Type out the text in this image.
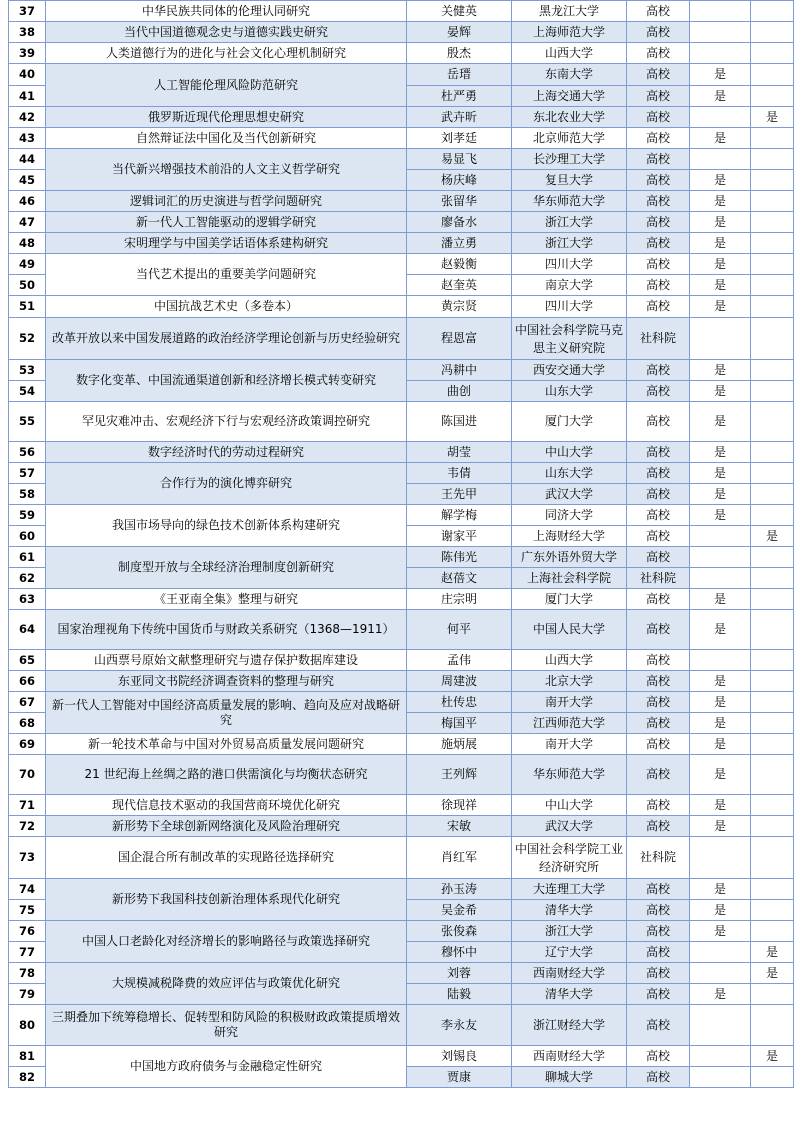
37	中华民族共同体的伦理认同研究	关健英	黑龙江大学	高校		
38	当代中国道德观念史与道德实践史研究	晏辉	上海师范大学	高校		
39	人类道德行为的进化与社会文化心理机制研究	殷杰	山西大学	高校		
40	人工智能伦理风险防范研究	岳瑨	东南大学	高校	是	
41		杜严勇	上海交通大学	高校	是	
42	俄罗斯近现代伦理思想史研究	武卉昕	东北农业大学	高校		是
43	自然辩证法中国化及当代创新研究	刘孝廷	北京师范大学	高校	是	
44	当代新兴增强技术前沿的人文主义哲学研究	易显飞	长沙理工大学	高校		
45		杨庆峰	复旦大学	高校	是	
46	逻辑词汇的历史演进与哲学问题研究	张留华	华东师范大学	高校	是	
47	新一代人工智能驱动的逻辑学研究	廖备水	浙江大学	高校	是	
48	宋明理学与中国美学话语体系建构研究	潘立勇	浙江大学	高校	是	
49	当代艺术提出的重要美学问题研究	赵毅衡	四川大学	高校	是	
50		赵奎英	南京大学	高校	是	
51	中国抗战艺术史（多卷本）	黄宗贤	四川大学	高校	是	
52	改革开放以来中国发展道路的政治经济学理论创新与历史经验研究	程恩富	中国社会科学院马克思主义研究院	社科院		
53	数字化变革、中国流通渠道创新和经济增长模式转变研究	冯耕中	西安交通大学	高校	是	
54		曲创	山东大学	高校	是	
55	罕见灾难冲击、宏观经济下行与宏观经济政策调控研究	陈国进	厦门大学	高校	是	
56	数字经济时代的劳动过程研究	胡莹	中山大学	高校	是	
57	合作行为的演化博弈研究	韦倩	山东大学	高校	是	
58		王先甲	武汉大学	高校	是	
59	我国市场导向的绿色技术创新体系构建研究	解学梅	同济大学	高校	是	
60		谢家平	上海财经大学	高校		是
61	制度型开放与全球经济治理制度创新研究	陈伟光	广东外语外贸大学	高校		
62		赵蓓文	上海社会科学院	社科院		
63	《王亚南全集》整理与研究	庄宗明	厦门大学	高校	是	
64	国家治理视角下传统中国货币与财政关系研究（1368—1911）	何平	中国人民大学	高校	是	
65	山西票号原始文献整理研究与遗存保护数据库建设	孟伟	山西大学	高校		
66	东亚同文书院经济调查资料的整理与研究	周建波	北京大学	高校	是	
67	新一代人工智能对中国经济高质量发展的影响、趋向及应对战略研究	杜传忠	南开大学	高校	是	
68		梅国平	江西师范大学	高校	是	
69	新一轮技术革命与中国对外贸易高质量发展问题研究	施炳展	南开大学	高校	是	
70	21 世纪海上丝绸之路的港口供需演化与均衡状态研究	王列辉	华东师范大学	高校	是	
71	现代信息技术驱动的我国营商环境优化研究	徐现祥	中山大学	高校	是	
72	新形势下全球创新网络演化及风险治理研究	宋敏	武汉大学	高校	是	
73	国企混合所有制改革的实现路径选择研究	肖红军	中国社会科学院工业经济研究所	社科院		
74	新形势下我国科技创新治理体系现代化研究	孙玉涛	大连理工大学	高校	是	
75		吴金希	清华大学	高校	是	
76	中国人口老龄化对经济增长的影响路径与政策选择研究	张俊森	浙江大学	高校	是	
77		穆怀中	辽宁大学	高校		是
78	大规模减税降费的效应评估与政策优化研究	刘蓉	西南财经大学	高校		是
79		陆毅	清华大学	高校	是	
80	三期叠加下统筹稳增长、促转型和防风险的积极财政政策提质增效研究	李永友	浙江财经大学	高校		
81	中国地方政府债务与金融稳定性研究	刘锡良	西南财经大学	高校		是
82		贾康	聊城大学	高校		
